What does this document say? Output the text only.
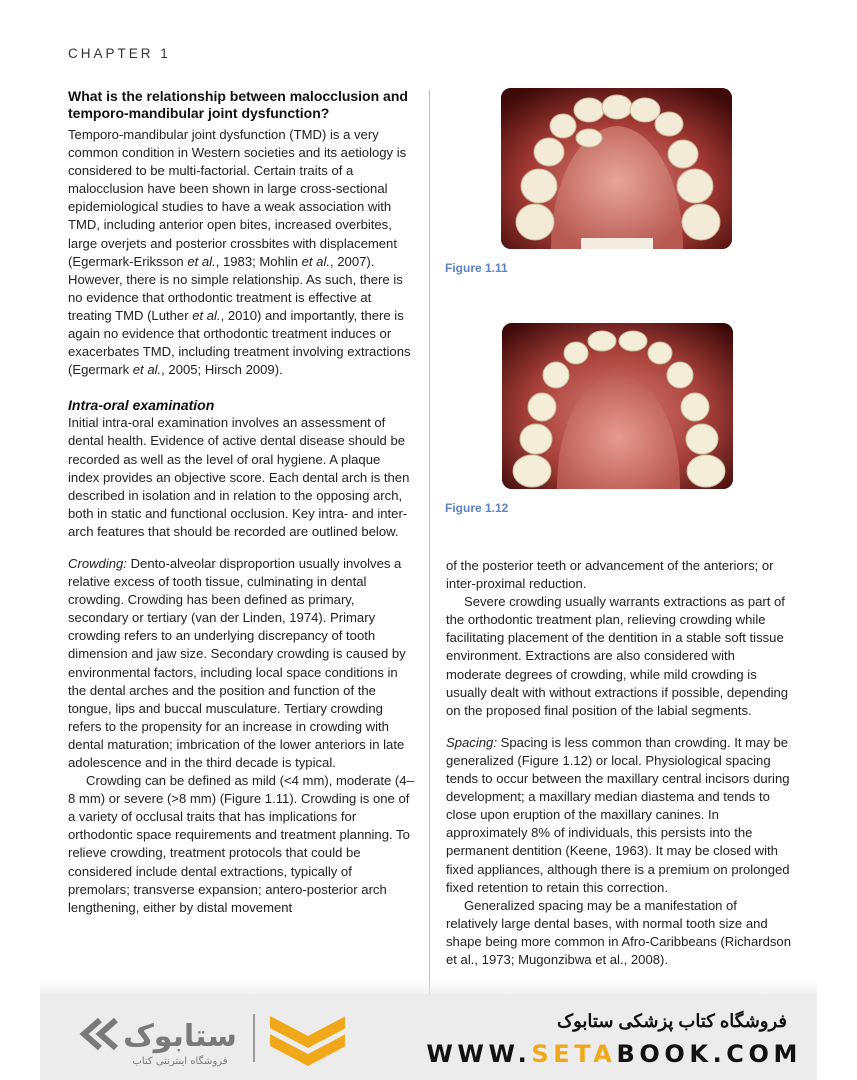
CHAPTER 1
What is the relationship between malocclusion and temporo-mandibular joint dysfunction?

Temporo-mandibular joint dysfunction (TMD) is a very common condition in Western societies and its aetiology is considered to be multi-factorial. Certain traits of a malocclusion have been shown in large cross-sectional epidemiological studies to have a weak association with TMD, including anterior open bites, increased overbites, large overjets and posterior crossbites with displacement (Egermark-Eriksson et al., 1983; Mohlin et al., 2007). However, there is no simple relationship. As such, there is no evidence that orthodontic treatment is effective at treating TMD (Luther et al., 2010) and importantly, there is again no evidence that orthodontic treatment induces or exacerbates TMD, including treatment involving extractions (Egermark et al., 2005; Hirsch 2009).

Intra-oral examination

Initial intra-oral examination involves an assessment of dental health. Evidence of active dental disease should be recorded as well as the level of oral hygiene. A plaque index provides an objective score. Each dental arch is then described in isolation and in relation to the opposing arch, both in static and functional occlusion. Key intra- and inter-arch features that should be recorded are outlined below.

Crowding: Dento-alveolar disproportion usually involves a relative excess of tooth tissue, culminating in dental crowding. Crowding has been defined as primary, secondary or tertiary (van der Linden, 1974). Primary crowding refers to an underlying discrepancy of tooth dimension and jaw size. Secondary crowding is caused by environmental factors, including local space conditions in the dental arches and the position and function of the tongue, lips and buccal musculature. Tertiary crowding refers to the propensity for an increase in crowding with dental maturation; imbrication of the lower anteriors in late adolescence and in the third decade is typical.

Crowding can be defined as mild (<4 mm), moderate (4–8 mm) or severe (>8 mm) (Figure 1.11). Crowding is one of a variety of occlusal traits that has implications for orthodontic space requirements and treatment planning. To relieve crowding, treatment protocols that could be considered include dental extractions, typically of premolars; transverse expansion; antero-posterior arch lengthening, either by distal movement

Figure 1.11
Figure 1.12

of the posterior teeth or advancement of the anteriors; or inter-proximal reduction.

Severe crowding usually warrants extractions as part of the orthodontic treatment plan, relieving crowding while facilitating placement of the dentition in a stable soft tissue environment. Extractions are also considered with moderate degrees of crowding, while mild crowding is usually dealt with without extractions if possible, depending on the proposed final position of the labial segments.

Spacing: Spacing is less common than crowding. It may be generalized (Figure 1.12) or local. Physiological spacing tends to occur between the maxillary central incisors during development; a maxillary median diastema and tends to close upon eruption of the maxillary canines. In approximately 8% of individuals, this persists into the permanent dentition (Keene, 1963). It may be closed with fixed appliances, although there is a premium on prolonged fixed retention to retain this correction.

Generalized spacing may be a manifestation of relatively large dental bases, with normal tooth size and shape being more common in Afro-Caribbeans (Richardson et al., 1973; Mugonzibwa et al., 2008).

ستابوک
فروشگاه اینترنتی کتاب
فروشگاه کتاب پزشکی ستابوک
WWW.SETABOOK.COM
